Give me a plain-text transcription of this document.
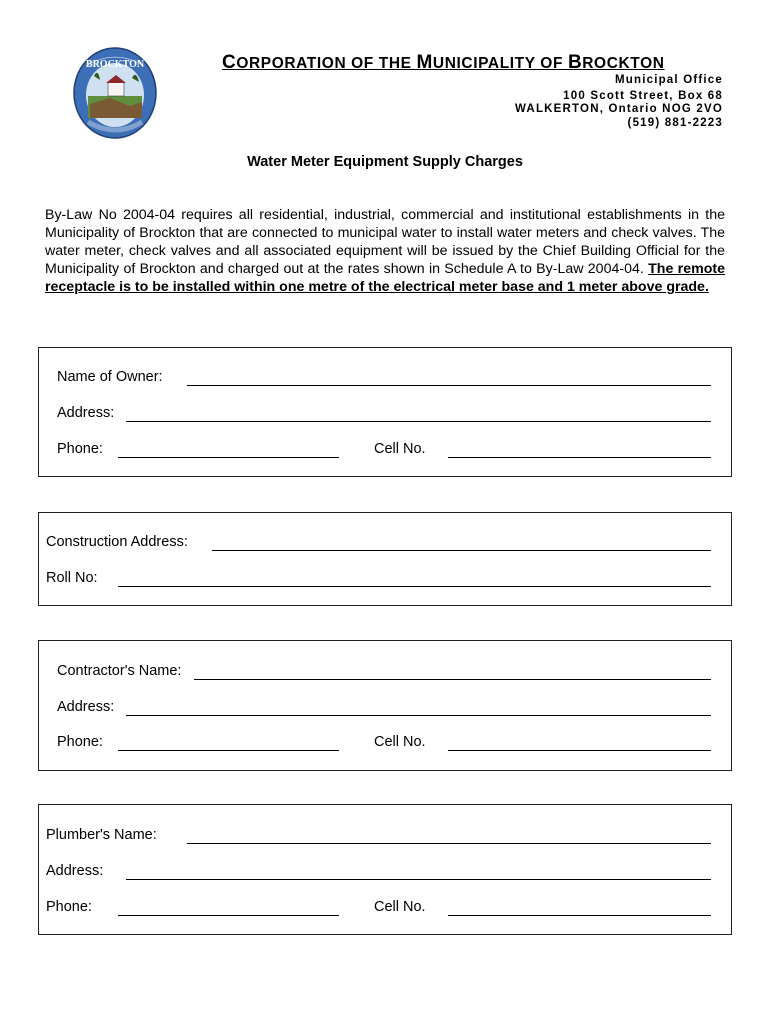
BROCKTON	CORPORATION OF THE MUNICIPALITY OF BROCKTON
Municipal Office
100 Scott Street, Box 68
WALKERTON, Ontario NOG 2VO
(519) 881-2223
Water Meter Equipment Supply Charges
By-Law No 2004-04 requires all residential, industrial, commercial and institutional establishments in the Municipality of Brockton that are connected to municipal water to install water meters and check valves. The water meter, check valves and all associated equipment will be issued by the Chief Building Official for the Municipality of Brockton and charged out at the rates shown in Schedule A to By-Law 2004-04. The remote receptacle is to be installed within one metre of the electrical meter base and 1 meter above grade.
Name of Owner:
Address:
Phone:	Cell No.
Construction Address:
Roll No:
Contractor's Name:
Address:
Phone:	Cell No.
Plumber's Name:
Address:
Phone:	Cell No.
